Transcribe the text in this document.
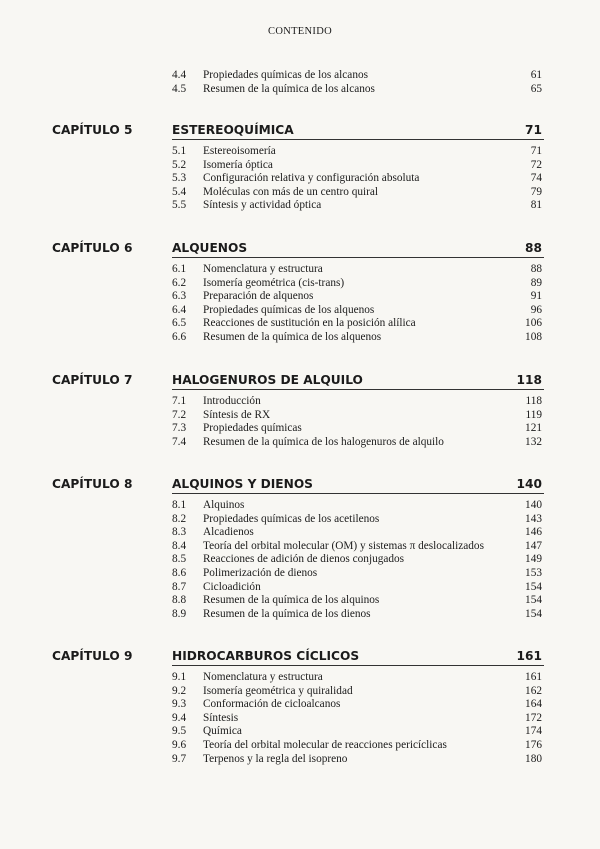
CONTENIDO
4.4	Propiedades químicas de los alcanos	61
4.5	Resumen de la química de los alcanos	65
CAPÍTULO 5	ESTEREOQUÍMICA	71
5.1	Estereoisomería	71
5.2	Isomería óptica	72
5.3	Configuración relativa y configuración absoluta	74
5.4	Moléculas con más de un centro quiral	79
5.5	Síntesis y actividad óptica	81
CAPÍTULO 6	ALQUENOS	88
6.1	Nomenclatura y estructura	88
6.2	Isomería geométrica (cis-trans)	89
6.3	Preparación de alquenos	91
6.4	Propiedades químicas de los alquenos	96
6.5	Reacciones de sustitución en la posición alílica	106
6.6	Resumen de la química de los alquenos	108
CAPÍTULO 7	HALOGENUROS DE ALQUILO	118
7.1	Introducción	118
7.2	Síntesis de RX	119
7.3	Propiedades químicas	121
7.4	Resumen de la química de los halogenuros de alquilo	132
CAPÍTULO 8	ALQUINOS Y DIENOS	140
8.1	Alquinos	140
8.2	Propiedades químicas de los acetilenos	143
8.3	Alcadienos	146
8.4	Teoría del orbital molecular (OM) y sistemas π deslocalizados	147
8.5	Reacciones de adición de dienos conjugados	149
8.6	Polimerización de dienos	153
8.7	Cicloadición	154
8.8	Resumen de la química de los alquinos	154
8.9	Resumen de la química de los dienos	154
CAPÍTULO 9	HIDROCARBUROS CÍCLICOS	161
9.1	Nomenclatura y estructura	161
9.2	Isomería geométrica y quiralidad	162
9.3	Conformación de cicloalcanos	164
9.4	Síntesis	172
9.5	Química	174
9.6	Teoría del orbital molecular de reacciones pericíclicas	176
9.7	Terpenos y la regla del isopreno	180
